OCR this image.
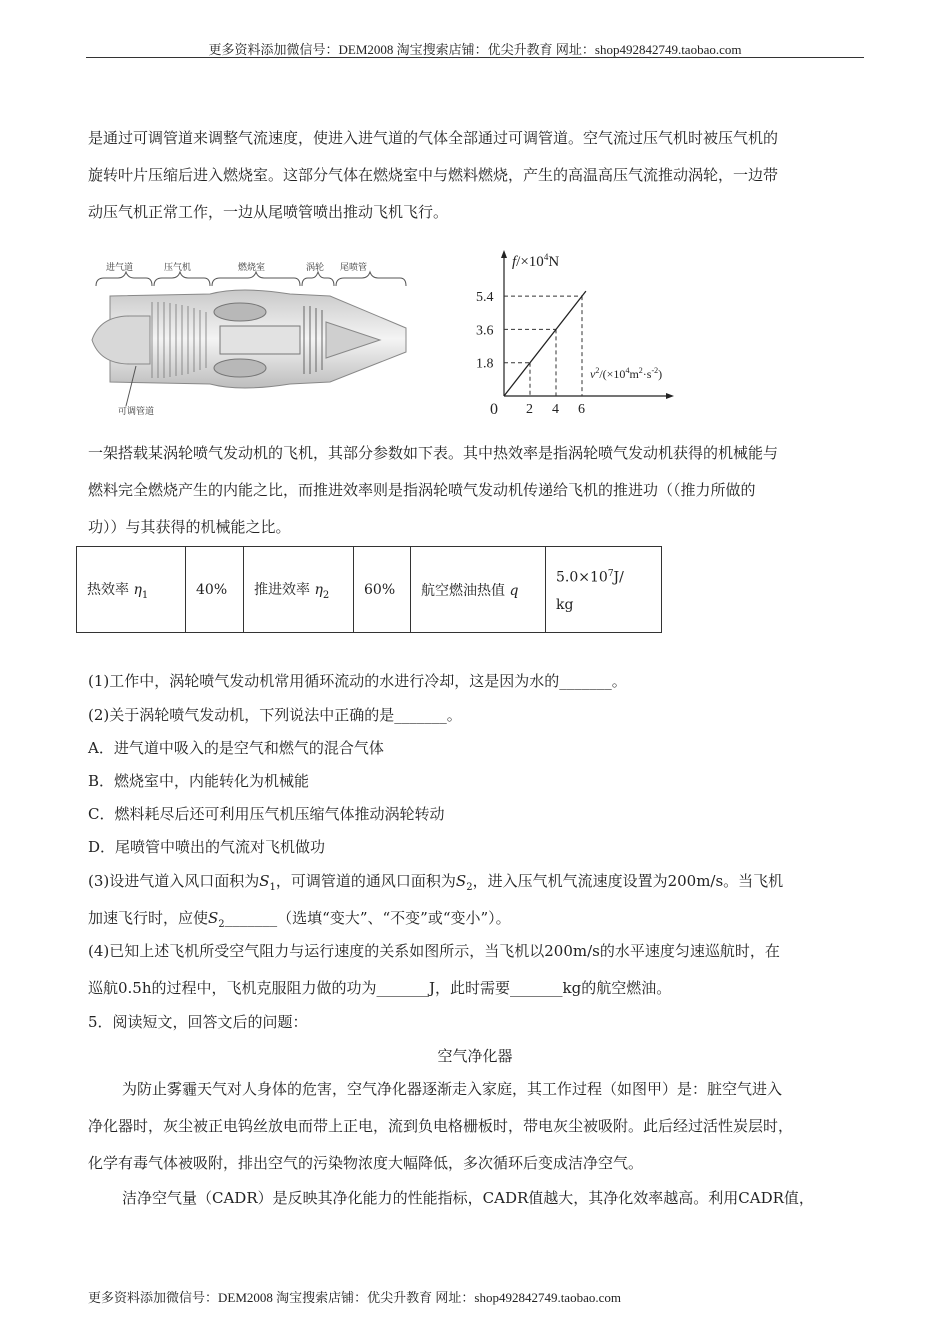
更多资料添加微信号：DEM2008 淘宝搜索店铺：优尖升教育 网址：shop492842749.taobao.com
是通过可调管道来调整气流速度，使进入进气道的气体全部通过可调管道。空气流过压气机时被压气机的
旋转叶片压缩后进入燃烧室。这部分气体在燃烧室中与燃料燃烧，产生的高温高压气流推动涡轮，一边带
动压气机正常工作，一边从尾喷管喷出推动飞机飞行。
进气道	压气机	燃烧室	涡轮 尾喷管
可调管道
$f/\times 10^4N$
$v^2/(\times 10^4m^2\cdot s^{-2})$
0 2 4 6
1.8
3.6
5.4
一架搭载某涡轮喷气发动机的飞机，其部分参数如下表。其中热效率是指涡轮喷气发动机获得的机械能与
燃料完全燃烧产生的内能之比，而推进效率则是指涡轮喷气发动机传递给飞机的推进功（（推力所做的
功））与其获得的机械能之比。
热效率 $\eta_1$	40%	推进效率 $\eta_2$	60%	航空燃油热值 q	$5.0\times 10^7J/$
kg
(1)工作中，涡轮喷气发动机常用循环流动的水进行冷却，这是因为水的_______。
(2)关于涡轮喷气发动机，下列说法中正确的是_______。
A．进气道中吸入的是空气和燃气的混合气体
B．燃烧室中，内能转化为机械能
C．燃料耗尽后还可利用压气机压缩气体推动涡轮转动
D．尾喷管中喷出的气流对飞机做功
(3)设进气道入风口面积为$S_1$，可调管道的通风口面积为$S_2$，进入压气机气流速度设置为200m/s。当飞机
加速飞行时，应使$S_2\_\_\_\_\_\_\_$（选填“变大”、“不变”或“变小”）。
(4)已知上述飞机所受空气阻力与运行速度的关系如图所示，当飞机以200m/s的水平速度匀速巡航时，在
巡航0.5h的过程中，飞机克服阻力做的功为_______J，此时需要_______kg的航空燃油。
5．阅读短文，回答文后的问题：
空气净化器
为防止雾霾天气对人身体的危害，空气净化器逐渐走入家庭，其工作过程（如图甲）是：脏空气进入
净化器时，灰尘被正电钨丝放电而带上正电，流到负电格栅板时，带电灰尘被吸附。此后经过活性炭层时，
化学有毒气体被吸附，排出空气的污染物浓度大幅降低，多次循环后变成洁净空气。
洁净空气量（CADR）是反映其净化能力的性能指标，CADR值越大，其净化效率越高。利用CADR值，
更多资料添加微信号：DEM2008 淘宝搜索店铺：优尖升教育 网址：shop492842749.taobao.com
